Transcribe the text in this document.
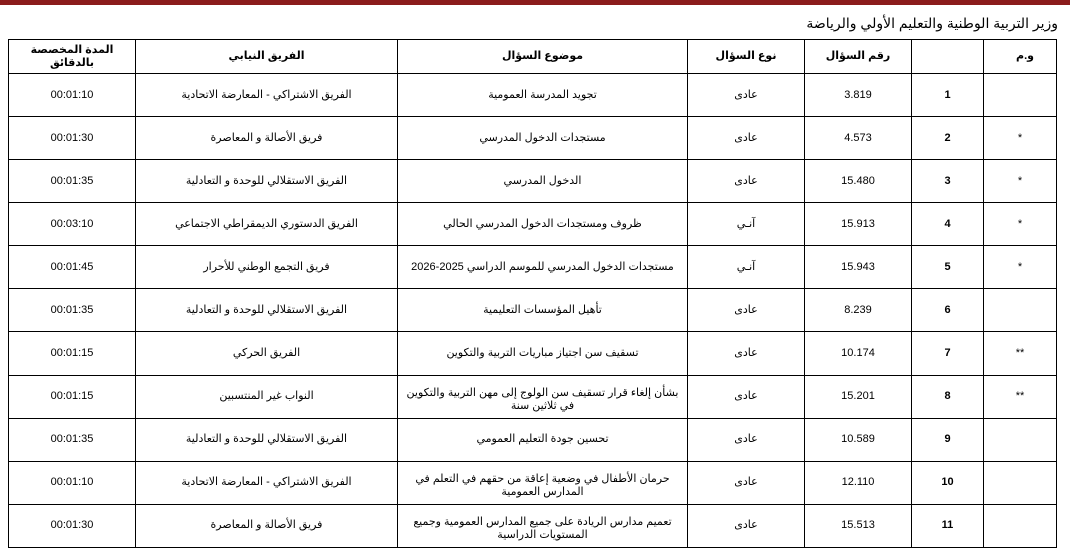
وزير التربية الوطنية والتعليم الأولي والرياضة
و.م		رقم السؤال	نوع السؤال	موضوع السؤال	الفريق النيابي	المدة المخصصة بالدقائق
	1	3.819	عادى	تجويد المدرسة العمومية	الفريق الاشتراكي - المعارضة الاتحادية	00:01:10
*	2	4.573	عادى	مستجدات الدخول المدرسي	فريق الأصالة و المعاصرة	00:01:30
*	3	15.480	عادى	الدخول المدرسي	الفريق الاستقلالي للوحدة و التعادلية	00:01:35
*	4	15.913	آنـي	ظروف ومستجدات الدخول المدرسي الحالي	الفريق الدستوري الديمقراطي الاجتماعي	00:03:10
*	5	15.943	آنـي	مستجدات الدخول المدرسي للموسم الدراسي 2025-2026	فريق التجمع الوطني للأحرار	00:01:45
	6	8.239	عادى	تأهيل المؤسسات التعليمية	الفريق الاستقلالي للوحدة و التعادلية	00:01:35
**	7	10.174	عادى	تسقيف سن اجتياز مباريات التربية والتكوين	الفريق الحركي	00:01:15
**	8	15.201	عادى	بشأن إلغاء قرار تسقيف سن الولوج إلى مهن التربية والتكوين في ثلاثين سنة	النواب غير المنتسبين	00:01:15
	9	10.589	عادى	تحسين جودة التعليم العمومي	الفريق الاستقلالي للوحدة و التعادلية	00:01:35
	10	12.110	عادى	حرمان الأطفال في وضعية إعاقة من حقهم في التعلم في المدارس العمومية	الفريق الاشتراكي - المعارضة الاتحادية	00:01:10
	11	15.513	عادى	تعميم مدارس الريادة على جميع المدارس العمومية وجميع المستويات الدراسية	فريق الأصالة و المعاصرة	00:01:30
